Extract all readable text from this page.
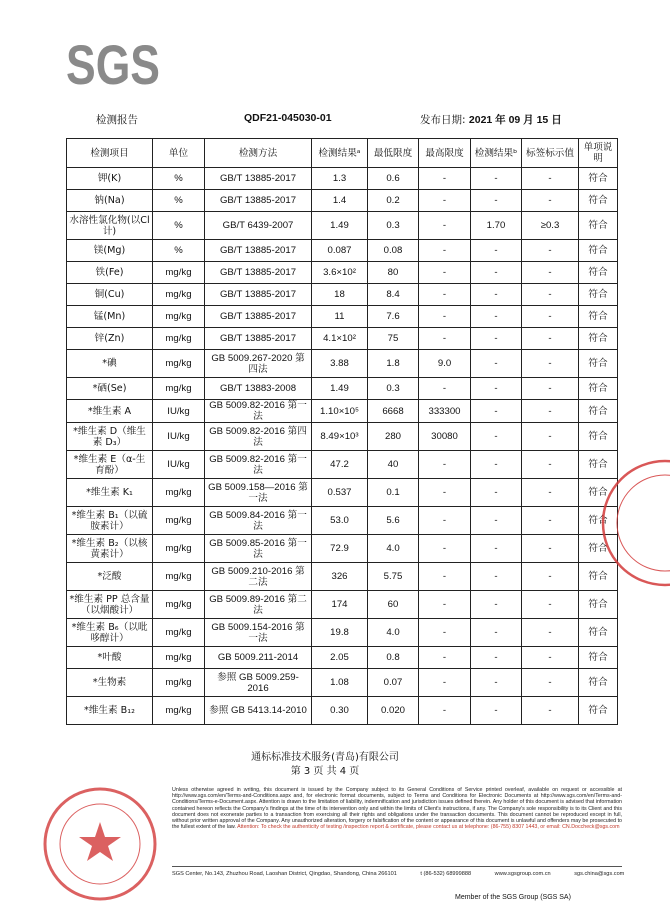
SGS
检测报告	QDF21-045030-01	发布日期: 2021 年 09 月 15 日
检测项目	单位	检测方法	检测结果ᵃ	最低限度	最高限度	检测结果ᵇ	标签标示值	单项说明
钾(K)	%	GB/T 13885-2017	1.3	0.6	-	-	-	符合
钠(Na)	%	GB/T 13885-2017	1.4	0.2	-	-	-	符合
水溶性氯化物(以Cl计)	%	GB/T 6439-2007	1.49	0.3	-	1.70	≥0.3	符合
镁(Mg)	%	GB/T 13885-2017	0.087	0.08	-	-	-	符合
铁(Fe)	mg/kg	GB/T 13885-2017	3.6×10²	80	-	-	-	符合
铜(Cu)	mg/kg	GB/T 13885-2017	18	8.4	-	-	-	符合
锰(Mn)	mg/kg	GB/T 13885-2017	11	7.6	-	-	-	符合
锌(Zn)	mg/kg	GB/T 13885-2017	4.1×10²	75	-	-	-	符合
*碘	mg/kg	GB 5009.267-2020 第四法	3.88	1.8	9.0	-	-	符合
*硒(Se)	mg/kg	GB/T 13883-2008	1.49	0.3	-	-	-	符合
*维生素 A	IU/kg	GB 5009.82-2016 第一法	1.10×10⁵	6668	333300	-	-	符合
*维生素 D（维生素 D₃）	IU/kg	GB 5009.82-2016 第四法	8.49×10³	280	30080	-	-	符合
*维生素 E（α-生育酚）	IU/kg	GB 5009.82-2016 第一法	47.2	40	-	-	-	符合
*维生素 K₁	mg/kg	GB 5009.158—2016 第一法	0.537	0.1	-	-	-	符合
*维生素 B₁（以硫胺素计）	mg/kg	GB 5009.84-2016 第一法	53.0	5.6	-	-	-	符合
*维生素 B₂（以核黄素计）	mg/kg	GB 5009.85-2016 第一法	72.9	4.0	-	-	-	符合
*泛酸	mg/kg	GB 5009.210-2016 第二法	326	5.75	-	-	-	符合
*维生素 PP 总含量（以烟酸计）	mg/kg	GB 5009.89-2016 第二法	174	60	-	-	-	符合
*维生素 B₆（以吡哆醇计）	mg/kg	GB 5009.154-2016 第一法	19.8	4.0	-	-	-	符合
*叶酸	mg/kg	GB 5009.211-2014	2.05	0.8	-	-	-	符合
*生物素	mg/kg	参照 GB 5009.259-2016	1.08	0.07	-	-	-	符合
*维生素 B₁₂	mg/kg	参照 GB 5413.14-2010	0.30	0.020	-	-	-	符合
通标标准技术服务(青岛)有限公司
第 3 页 共 4 页
Unless otherwise agreed in writing, this document is issued by the Company subject to its General Conditions of Service printed overleaf, available on request or accessible at http://www.sgs.com/en/Terms-and-Conditions.aspx and, for electronic format documents, subject to Terms and Conditions for Electronic Documents at http://www.sgs.com/en/Terms-and-Conditions/Terms-e-Document.aspx. Attention is drawn to the limitation of liability, indemnification and jurisdiction issues defined therein. Any holder of this document is advised that information contained hereon reflects the Company's findings at the time of its intervention only and within the limits of Client's instructions, if any. The Company's sole responsibility is to its Client and this document does not exonerate parties to a transaction from exercising all their rights and obligations under the transaction documents. This document cannot be reproduced except in full, without prior written approval of the Company. Any unauthorized alteration, forgery or falsification of the content or appearance of this document is unlawful and offenders may be prosecuted to the fullest extent of the law. Attention: To check the authenticity of testing /inspection report & certificate, please contact us at telephone: (86-755) 8307 1443, or email: CN.Doccheck@sgs.com
SGS Center, No.143, Zhuzhou Road, Laoshan District, Qingdao, Shandong, China 266101	t (86-532) 68999888	www.sgsgroup.com.cn	sgs.china@sgs.com
Member of the SGS Group (SGS SA)
